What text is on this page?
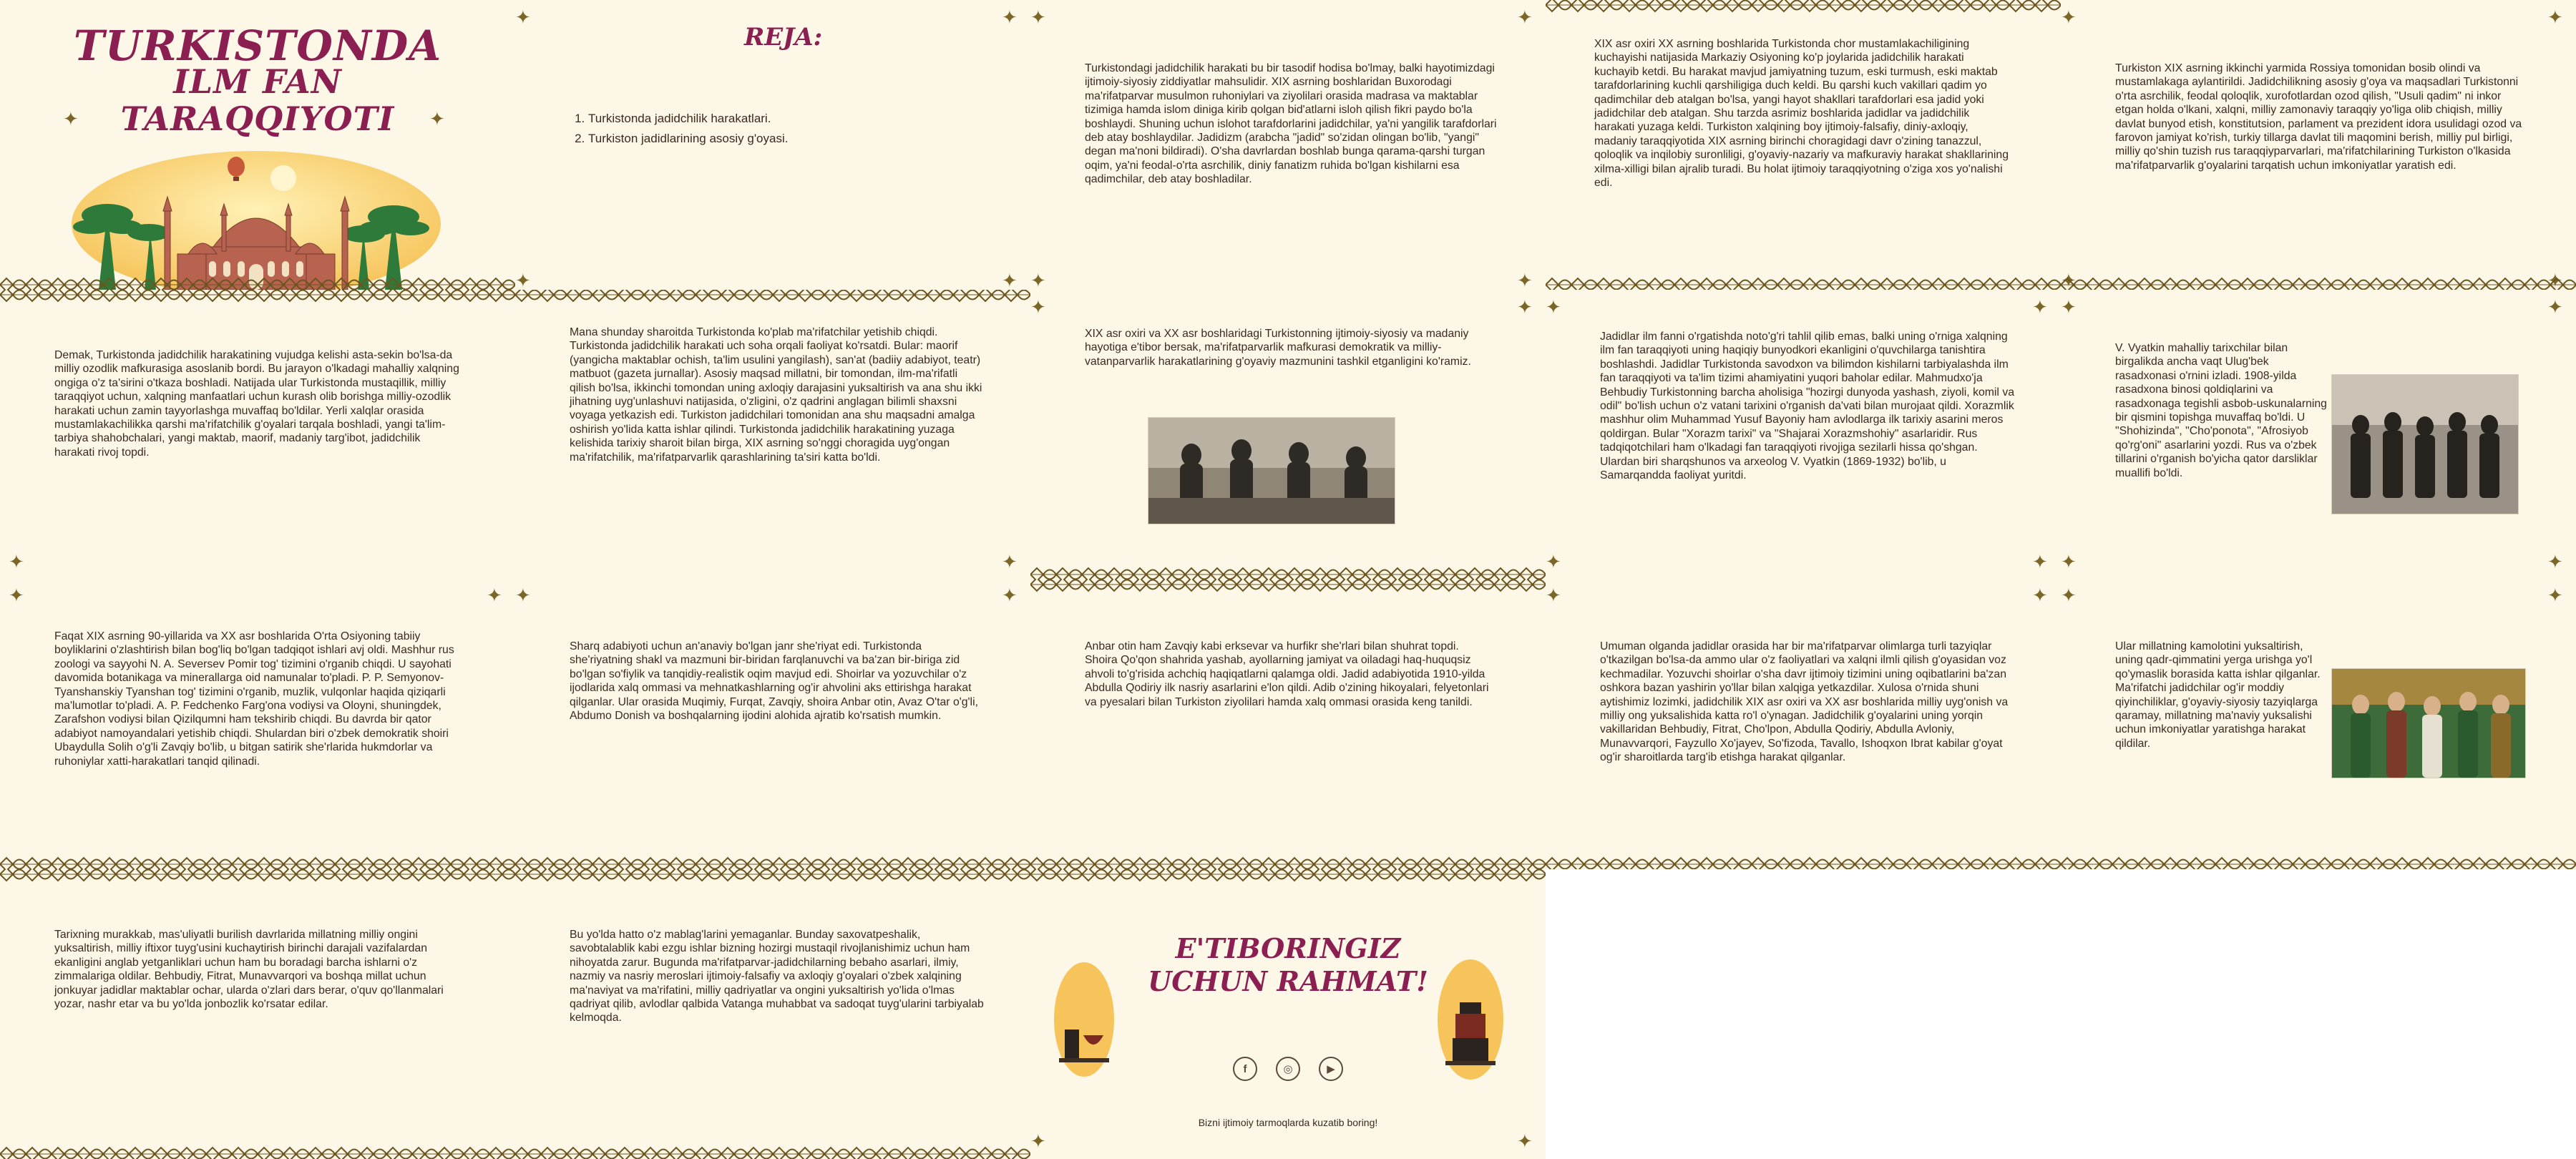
TURKISTONDA
ILM FAN TARAQQIYOTI
✦	✦
REJA:
1. Turkistonda jadidchilik harakatlari.
2. Turkiston jadidlarining asosiy g'oyasi.
✦	✦
✦	✦

Turkistondagi jadidchilik harakati bu bir tasodif hodisa bo'lmay, balki hayotimizdagi ijtimoiy-siyosiy ziddiyatlar mahsulidir. XIX asrning boshlaridan Buxorodagi ma'rifatparvar musulmon ruhoniylari va ziyolilari orasida madrasa va maktablar tizimiga hamda islom diniga kirib qolgan bid'atlarni isloh qilish fikri paydo bo'la boshlaydi. Shuning uchun islohot tarafdorlarini jadidchilar, ya'ni yangilik tarafdorlari deb atay boshlaydilar. Jadidizm (arabcha "jadid" so'zidan olingan bo'lib, "yangi" degan ma'noni bildiradi). O'sha davrlardan boshlab bunga qarama-qarshi turgan oqim, ya'ni feodal-o'rta asrchilik, diniy fanatizm ruhida bo'lgan kishilarni esa qadimchilar, deb atay boshladilar.

✦	✦
✦	✦

XIX asr oxiri XX asrning boshlarida Turkistonda chor mustamlakachiligining kuchayishi natijasida Markaziy Osiyoning ko'p joylarida jadidchilik harakati kuchayib ketdi. Bu harakat mavjud jamiyatning tuzum, eski turmush, eski maktab tarafdorlarining kuchli qarshiligiga duch keldi. Bu qarshi kuch vakillari qadim yo qadimchilar deb atalgan bo'lsa, yangi hayot shakllari tarafdorlari esa jadid yoki jadidchilar deb atalgan. Shu tarzda asrimiz boshlarida jadidlar va jadidchilik harakati yuzaga keldi. Turkiston xalqining boy ijtimoiy-falsafiy, diniy-axloqiy, madaniy taraqqiyotida XIX asrning birinchi choragidagi davr o'zining tanazzul, qoloqlik va inqilobiy suronliligi, g'oyaviy-nazariy va mafkuraviy harakat shakllarining xilma-xilligi bilan ajralib turadi. Bu holat ijtimoiy taraqqiyotning o'ziga xos yo'nalishi edi.

Turkiston XIX asrning ikkinchi yarmida Rossiya tomonidan bosib olindi va mustamlakaga aylantirildi. Jadidchilikning asosiy g'oya va maqsadlari Turkistonni o'rta asrchilik, feodal qoloqlik, xurofotlardan ozod qilish, "Usuli qadim" ni inkor etgan holda o'lkani, xalqni, milliy zamonaviy taraqqiy yo'liga olib chiqish, milliy davlat bunyod etish, konstitutsion, parlament va prezident idora usulidagi ozod va farovon jamiyat ko'rish, turkiy tillarga davlat tili maqomini berish, milliy pul birligi, milliy qo'shin tuzish rus taraqqiyparvarlari, ma'rifatchilarining Turkiston o'lkasida ma'rifatparvarlik g'oyalarini tarqatish uchun imkoniyatlar yaratish edi.

✦	✦
✦	✦

Demak, Turkistonda jadidchilik harakatining vujudga kelishi asta-sekin bo'lsa-da milliy ozodlik mafkurasiga asoslanib bordi. Bu jarayon o'lkadagi mahalliy xalqning ongiga o'z ta'sirini o'tkaza boshladi. Natijada ular Turkistonda mustaqillik, milliy taraqqiyot uchun, xalqning manfaatlari uchun kurash olib borishga milliy-ozodlik harakati uchun zamin tayyorlashga muvaffaq bo'ldilar. Yerli xalqlar orasida mustamlakachilikka qarshi ma'rifatchilik g'oyalari tarqala boshladi, yangi ta'lim-tarbiya shahobchalari, yangi maktab, maorif, madaniy targ'ibot, jadidchilik harakati rivoj topdi.

✦

Mana shunday sharoitda Turkistonda ko'plab ma'rifatchilar yetishib chiqdi. Turkistonda jadidchilik harakati uch soha orqali faoliyat ko'rsatdi. Bular: maorif (yangicha maktablar ochish, ta'lim usulini yangilash), san'at (badiiy adabiyot, teatr) matbuot (gazeta jurnallar). Asosiy maqsad millatni, bir tomondan, ilm-ma'rifatli qilish bo'lsa, ikkinchi tomondan uning axloqiy darajasini yuksaltirish va ana shu ikki jihatning uyg'unlashuvi natijasida, o'zligini, o'z qadrini anglagan bilimli shaxsni voyaga yetkazish edi. Turkiston jadidchilari tomonidan ana shu maqsadni amalga oshirish yo'lida katta ishlar qilindi. Turkistonda jadidchilik harakatining yuzaga kelishida tarixiy sharoit bilan birga, XIX asrning so'nggi choragida uyg'ongan ma'rifatchilik, ma'rifatparvarlik qarashlarining ta'siri katta bo'ldi.

✦

XIX asr oxiri va XX asr boshlaridagi Turkistonning ijtimoiy-siyosiy va madaniy hayotiga e'tibor bersak, ma'rifatparvarlik mafkurasi demokratik va milliy-vatanparvarlik harakatlarining g'oyaviy mazmunini tashkil etganligini ko'ramiz.

✦	✦

Jadidlar ilm fanni o'rgatishda noto'g'ri tahlil qilib emas, balki uning o'rniga xalqning ilm fan taraqqiyoti uning haqiqiy bunyodkori ekanligini o'quvchilarga tanishtira boshlashdi. Jadidlar Turkistonda savodxon va bilimdon kishilarni tarbiyalashda ilm fan taraqqiyoti va ta'lim tizimi ahamiyatini yuqori baholar edilar. Mahmudxo'ja Behbudiy Turkistonning barcha aholisiga "hozirgi dunyoda yashash, ziyoli, komil va odil" bo'lish uchun o'z vatani tarixini o'rganish da'vati bilan murojaat qildi. Xorazmlik mashhur olim Muhammad Yusuf Bayoniy ham avlodlarga ilk tarixiy asarini meros qoldirgan. Bular "Xorazm tarixi" va "Shajarai Xorazmshohiy" asarlaridir. Rus tadqiqotchilari ham o'lkadagi fan taraqqiyoti rivojiga sezilarli hissa qo'shgan. Ulardan biri sharqshunos va arxeolog V. Vyatkin (1869-1932) bo'lib, u Samarqandda faoliyat yuritdi.

✦	✦
✦	✦

V. Vyatkin mahalliy tarixchilar bilan birgalikda ancha vaqt Ulug'bek rasadxonasi o'rnini izladi. 1908-yilda rasadxona binosi qoldiqlarini va rasadxonaga tegishli asbob-uskunalarning bir qismini topishga muvaffaq bo'ldi. U "Shohizinda", "Cho'ponota", "Afrosiyob qo'rg'oni" asarlarini yozdi. Rus va o'zbek tillarini o'rganish bo'yicha qator darsliklar muallifi bo'ldi.

✦	✦
✦	✦

Faqat XIX asrning 90-yillarida va XX asr boshlarida O'rta Osiyoning tabiiy boyliklarini o'zlashtirish bilan bog'liq bo'lgan tadqiqot ishlari avj oldi. Mashhur rus zoologi va sayyohi N. A. Seversev Pomir tog' tizimini o'rganib chiqdi. U sayohati davomida botanikaga va minerallarga oid namunalar to'pladi. P. P. Semyonov-Tyanshanskiy Tyanshan tog' tizimini o'rganib, muzlik, vulqonlar haqida qiziqarli ma'lumotlar to'pladi. A. P. Fedchenko Farg'ona vodiysi va Oloyni, shuningdek, Zarafshon vodiysi bilan Qizilqumni ham tekshirib chiqdi. Bu davrda bir qator adabiyot namoyandalari yetishib chiqdi. Shulardan biri o'zbek demokratik shoiri Ubaydulla Solih o'g'li Zavqiy bo'lib, u bitgan satirik she'rlarida hukmdorlar va ruhoniylar xatti-harakatlari tanqid qilinadi.

✦	✦

Sharq adabiyoti uchun an'anaviy bo'lgan janr she'riyat edi. Turkistonda she'riyatning shakl va mazmuni bir-biridan farqlanuvchi va ba'zan bir-biriga zid bo'lgan so'fiylik va tanqidiy-realistik oqim mavjud edi. Shoirlar va yozuvchilar o'z ijodlarida xalq ommasi va mehnatkashlarning og'ir ahvolini aks ettirishga harakat qilganlar. Ular orasida Muqimiy, Furqat, Zavqiy, shoira Anbar otin, Avaz O'tar o'g'li, Abdumo Donish va boshqalarning ijodini alohida ajratib ko'rsatish mumkin.

✦	✦

Anbar otin ham Zavqiy kabi erksevar va hurfikr she'rlari bilan shuhrat topdi. Shoira Qo'qon shahrida yashab, ayollarning jamiyat va oiladagi haq-huquqsiz ahvoli to'g'risida achchiq haqiqatlarni qalamga oldi. Jadid adabiyotida 1910-yilda Abdulla Qodiriy ilk nasriy asarlarini e'lon qildi. Adib o'zining hikoyalari, felyetonlari va pyesalari bilan Turkiston ziyolilari hamda xalq ommasi orasida keng tanildi.

Umuman olganda jadidlar orasida har bir ma'rifatparvar olimlarga turli tazyiqlar o'tkazilgan bo'lsa-da ammo ular o'z faoliyatlari va xalqni ilmli qilish g'oyasidan voz kechmadilar. Yozuvchi shoirlar o'sha davr ijtimoiy tizimini uning oqibatlarini ba'zan oshkora bazan yashirin yo'llar bilan xalqiga yetkazdilar. Xulosa o'rnida shuni aytishimiz lozimki, jadidchilik XIX asr oxiri va XX asr boshlarida milliy uyg'onish va milliy ong yuksalishida katta ro'l o'ynagan. Jadidchilik g'oyalarini uning yorqin vakillaridan Behbudiy, Fitrat, Cho'lpon, Abdulla Qodiriy, Abdulla Avloniy, Munavvarqori, Fayzullo Xo'jayev, So'fizoda, Tavallo, Ishoqxon Ibrat kabilar g'oyat og'ir sharoitlarda targ'ib etishga harakat qilganlar.

✦	✦

Ular millatning kamolotini yuksaltirish, uning qadr-qimmatini yerga urishga yo'l qo'ymaslik borasida katta ishlar qilganlar. Ma'rifatchi jadidchilar og'ir moddiy qiyinchiliklar, g'oyaviy-siyosiy tazyiqlarga qaramay, millatning ma'naviy yuksalishi uchun imkoniyatlar yaratishga harakat qildilar.

✦	✦

Tarixning murakkab, mas'uliyatli burilish davrlarida millatning milliy ongini yuksaltirish, milliy iftixor tuyg'usini kuchaytirish birinchi darajali vazifalardan ekanligini anglab yetganliklari uchun ham bu boradagi barcha ishlarni o'z zimmalariga oldilar. Behbudiy, Fitrat, Munavvarqori va boshqa millat uchun jonkuyar jadidlar maktablar ochar, ularda o'zlari dars berar, o'quv qo'llanmalari yozar, nashr etar va bu yo'lda jonbozlik ko'rsatar edilar.

Bu yo'lda hatto o'z mablag'larini yemaganlar. Bunday saxovatpeshalik, savobtalablik kabi ezgu ishlar bizning hozirgi mustaqil rivojlanishimiz uchun ham nihoyatda zarur. Bugunda ma'rifatparvar-jadidchilarning bebaho asarlari, ilmiy, nazmiy va nasriy meroslari ijtimoiy-falsafiy va axloqiy g'oyalari o'zbek xalqining ma'naviyat va ma'rifatini, milliy qadriyatlar va ongini yuksaltirish yo'lida o'lmas qadriyat qilib, avlodlar qalbida Vatanga muhabbat va sadoqat tuyg'ularini tarbiyalab kelmoqda.

E'TIBORINGIZ
UCHUN RAHMAT!
f	◎	▶
Bizni ijtimoiy tarmoqlarda kuzatib boring!
✦	✦
